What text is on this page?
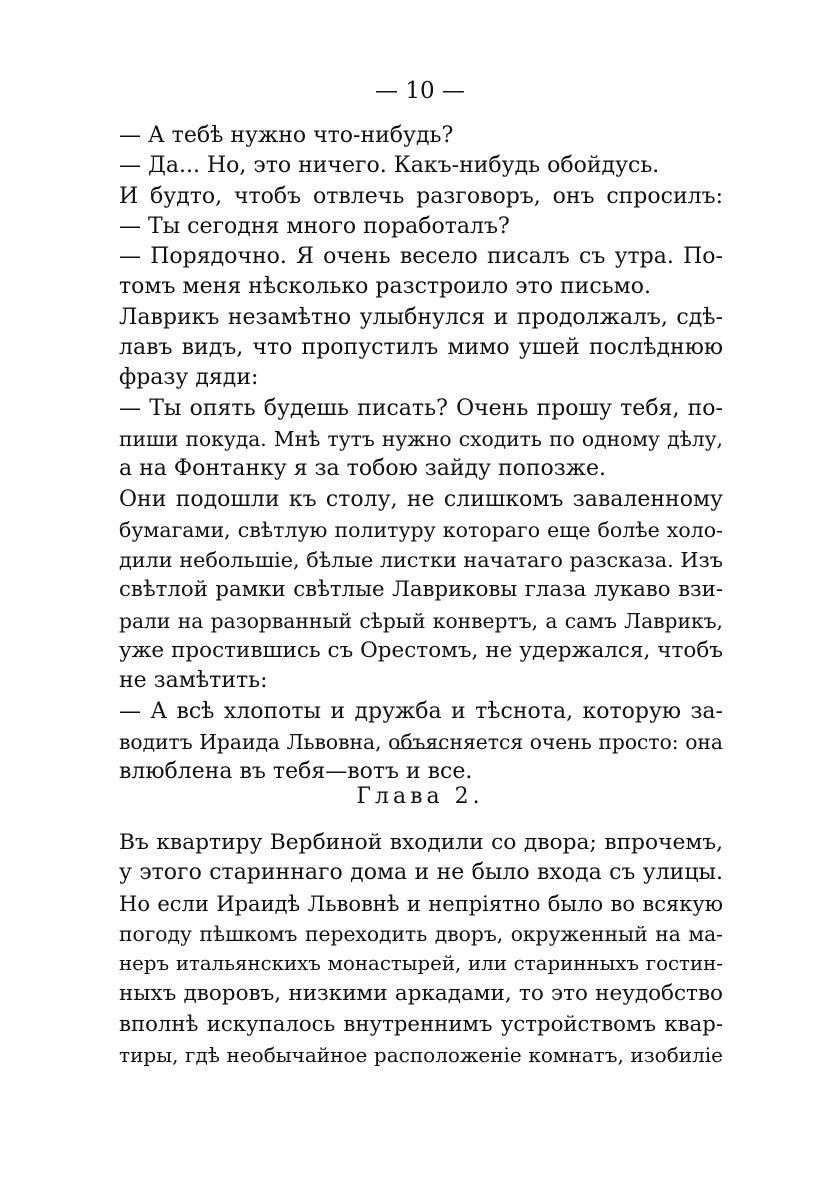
— 10 —
— А тебѣ нужно что-нибудь?
— Да... Но, это ничего. Какъ-нибудь обойдусь.
И будто, чтобъ отвлечь разговоръ, онъ спросилъ:
— Ты сегодня много поработалъ?
— Порядочно. Я очень весело писалъ съ утра. По-
томъ меня нѣсколько разстроило это письмо.
Лаврикъ незамѣтно улыбнулся и продолжалъ, сдѣ-
лавъ видъ, что пропустилъ мимо ушей послѣднюю
фразу дяди:
— Ты опять будешь писать? Очень прошу тебя, по-
пиши покуда. Мнѣ тутъ нужно сходить по одному дѣлу,
а на Фонтанку я за тобою зайду попозже.
Они подошли къ столу, не слишкомъ заваленному
бумагами, свѣтлую политуру котораго еще болѣе холо-
дили небольшіе, бѣлые листки начатаго разсказа. Изъ
свѣтлой рамки свѣтлые Лавриковы глаза лукаво взи-
рали на разорванный сѣрый конвертъ, а самъ Лаврикъ,
уже простившись съ Орестомъ, не удержался, чтобъ
не замѣтить:
— А всѣ хлопоты и дружба и тѣснота, которую за-
водитъ Ираида Львовна, объясняется очень просто: она
влюблена въ тебя—вотъ и все.
Глава 2.
Въ квартиру Вербиной входили со двора; впрочемъ,
у этого стариннаго дома и не было входа съ улицы.
Но если Ираидѣ Львовнѣ и непріятно было во всякую
погоду пѣшкомъ переходить дворъ, окруженный на ма-
неръ итальянскихъ монастырей, или старинныхъ гостин-
ныхъ дворовъ, низкими аркадами, то это неудобство
вполнѣ искупалось внутреннимъ устройствомъ квар-
тиры, гдѣ необычайное расположеніе комнатъ, изобиліе
